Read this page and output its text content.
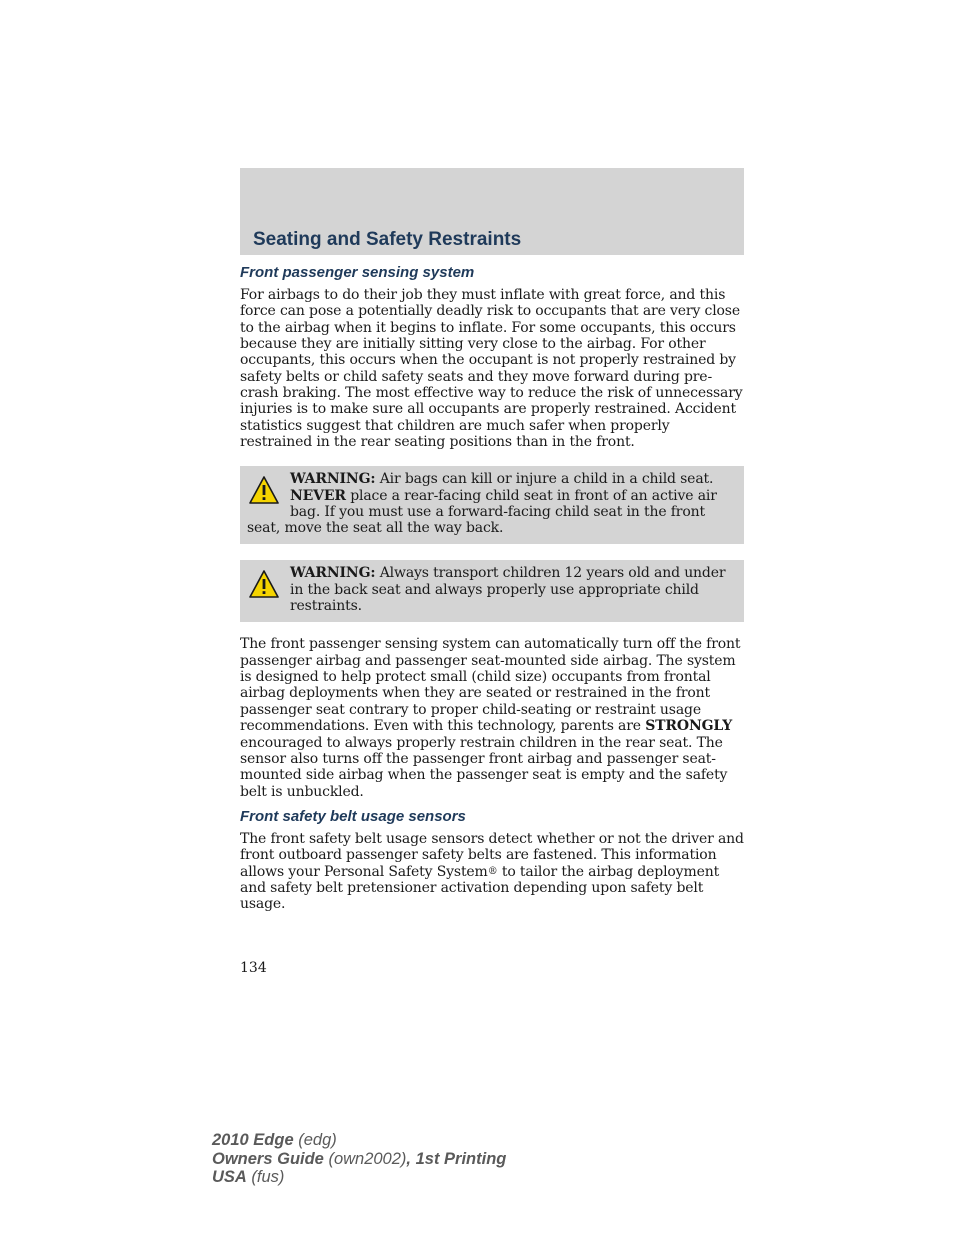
Seating and Safety Restraints
Front passenger sensing system

For airbags to do their job they must inflate with great force, and this force can pose a potentially deadly risk to occupants that are very close to the airbag when it begins to inflate. For some occupants, this occurs because they are initially sitting very close to the airbag. For other occupants, this occurs when the occupant is not properly restrained by safety belts or child safety seats and they move forward during pre-crash braking. The most effective way to reduce the risk of unnecessary injuries is to make sure all occupants are properly restrained. Accident statistics suggest that children are much safer when properly restrained in the rear seating positions than in the front.

WARNING: Air bags can kill or injure a child in a child seat. NEVER place a rear-facing child seat in front of an active air bag. If you must use a forward-facing child seat in the front seat, move the seat all the way back.
WARNING: Always transport children 12 years old and under in the back seat and always properly use appropriate child restraints.

The front passenger sensing system can automatically turn off the front passenger airbag and passenger seat-mounted side airbag. The system is designed to help protect small (child size) occupants from frontal airbag deployments when they are seated or restrained in the front passenger seat contrary to proper child-seating or restraint usage recommendations. Even with this technology, parents are STRONGLY encouraged to always properly restrain children in the rear seat. The sensor also turns off the passenger front airbag and passenger seat-mounted side airbag when the passenger seat is empty and the safety belt is unbuckled.

Front safety belt usage sensors

The front safety belt usage sensors detect whether or not the driver and front outboard passenger safety belts are fastened. This information allows your Personal Safety System® to tailor the airbag deployment and safety belt pretensioner activation depending upon safety belt usage.

134
2010 Edge (edg)
Owners Guide (own2002), 1st Printing
USA (fus)
